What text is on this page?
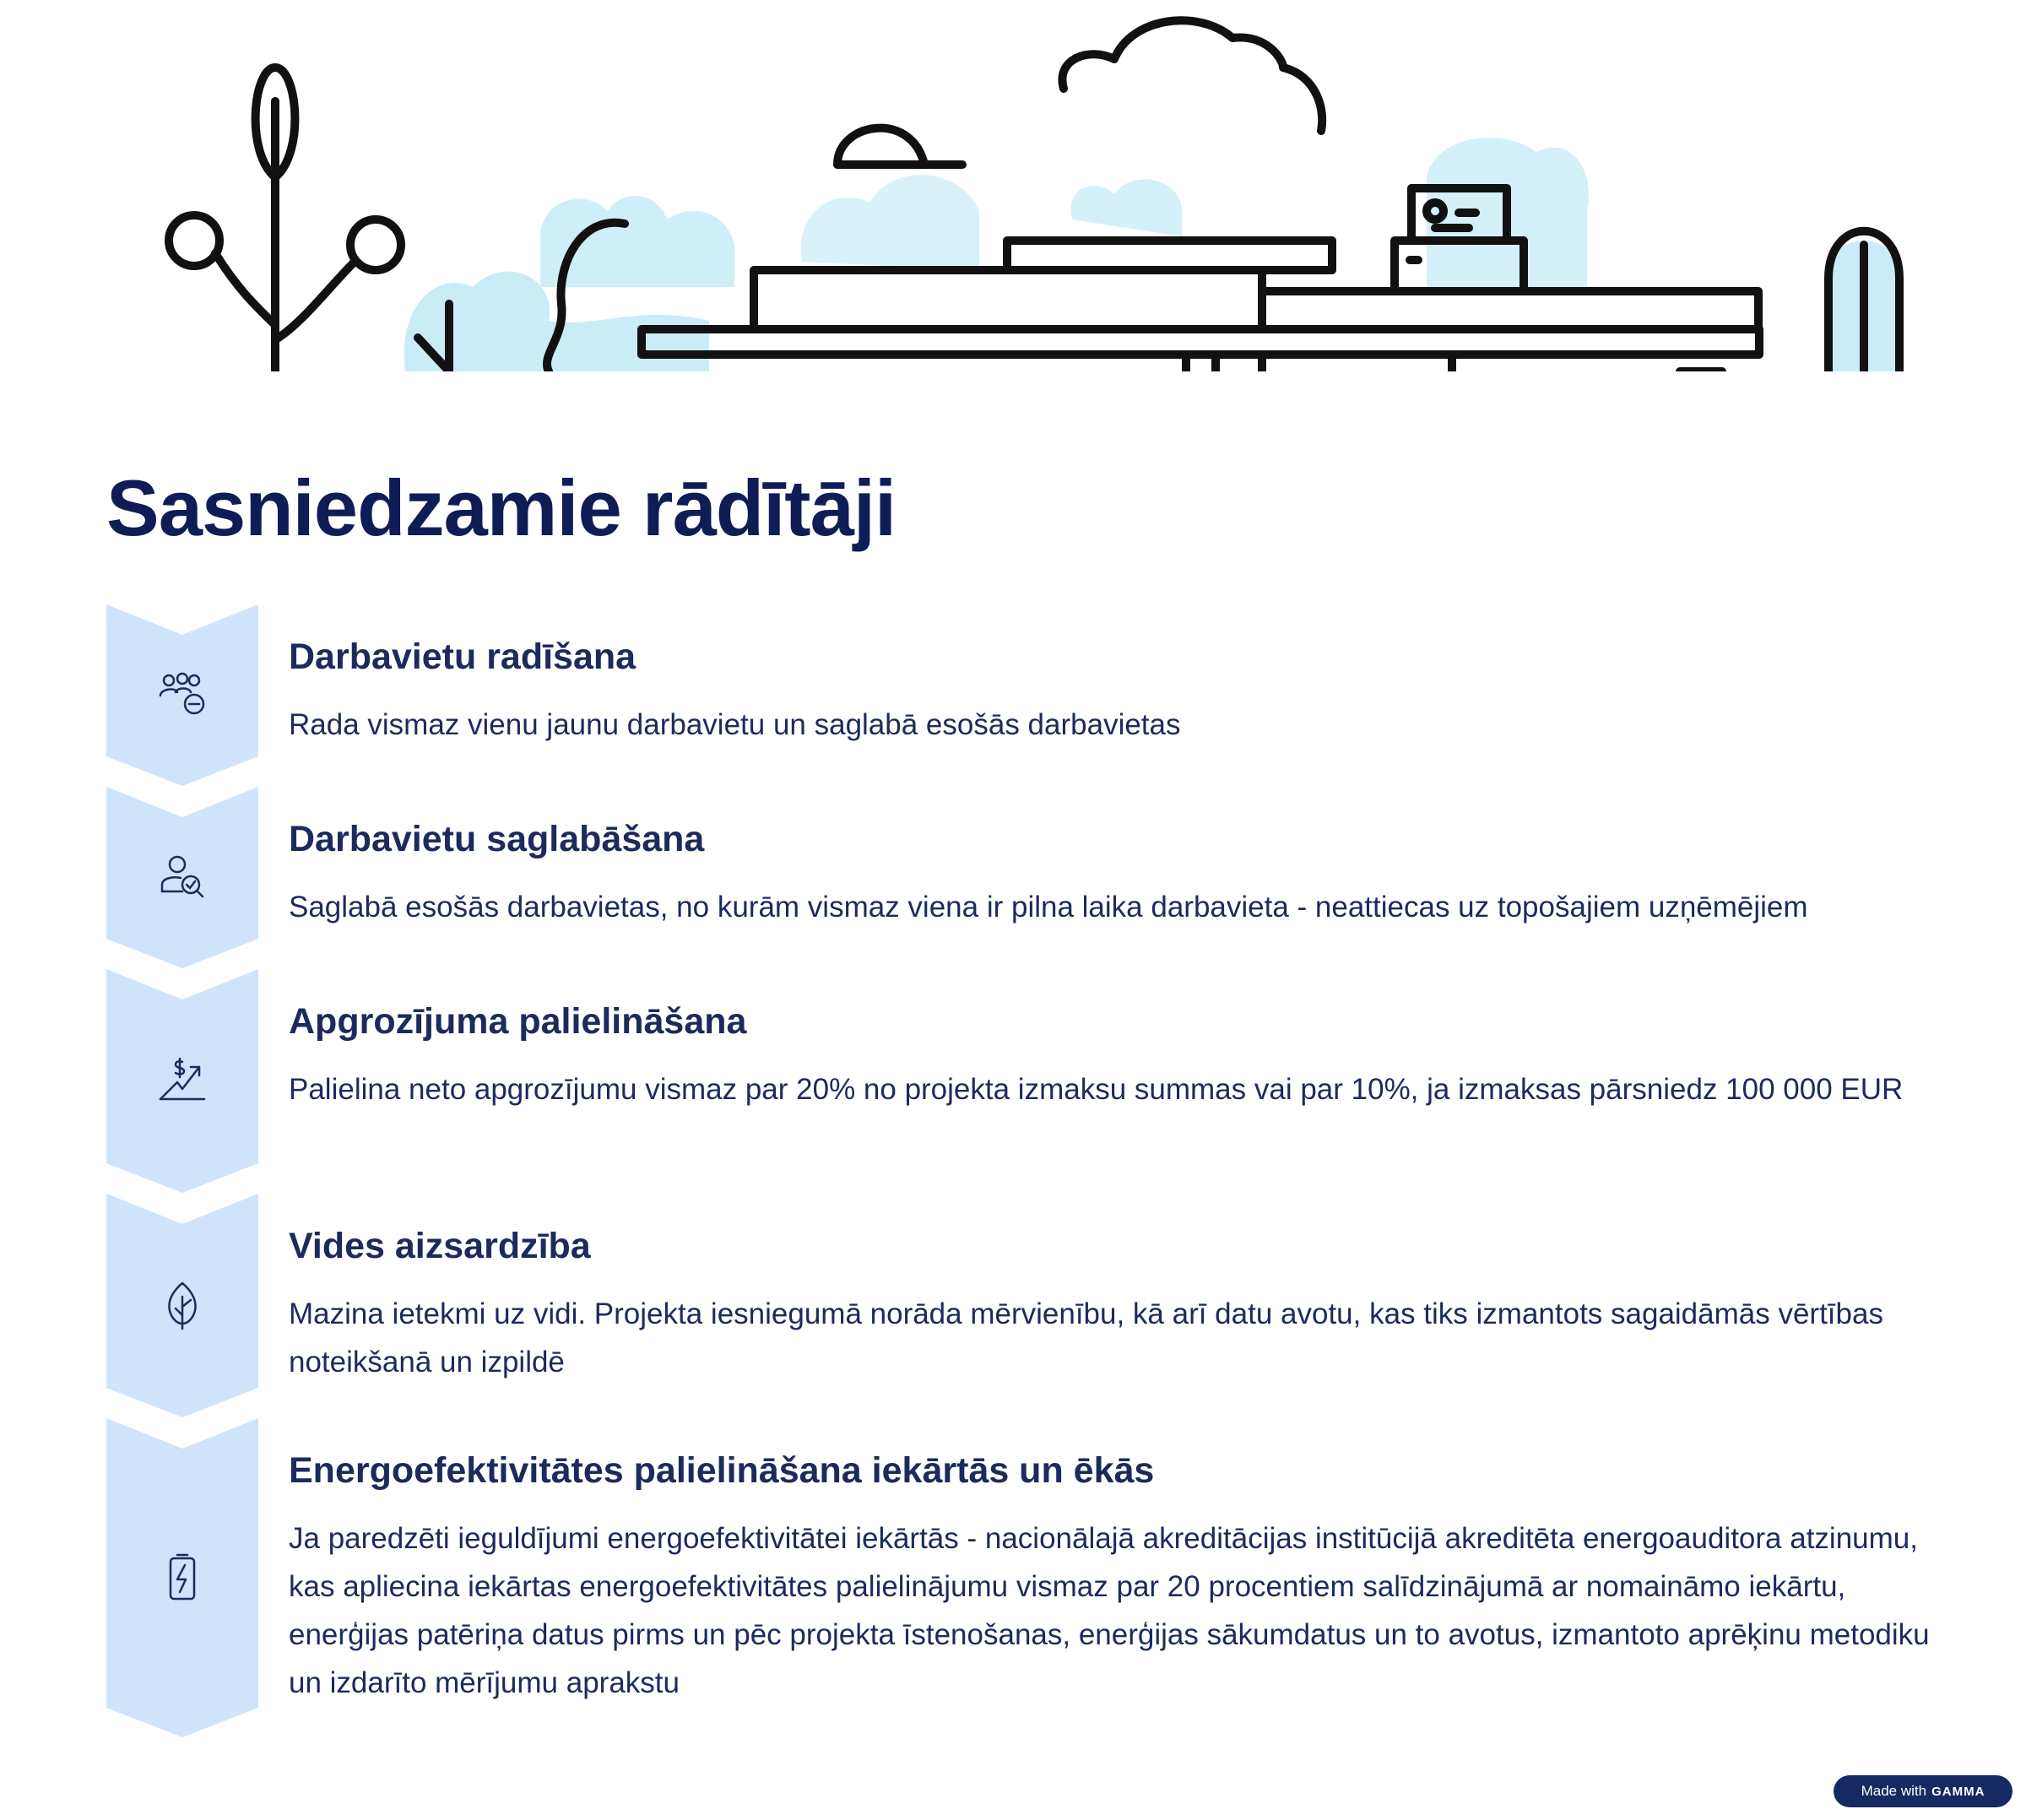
Sasniedzamie rādītāji
Darbavietu radīšana

Rada vismaz vienu jaunu darbavietu un saglabā esošās darbavietas

Darbavietu saglabāšana

Saglabā esošās darbavietas, no kurām vismaz viena ir pilna laika darbavieta - neattiecas uz topošajiem uzņēmējiem

Apgrozījuma palielināšana

Palielina neto apgrozījumu vismaz par 20% no projekta izmaksu summas vai par 10%, ja izmaksas pārsniedz 100 000 EUR

Vides aizsardzība

Mazina ietekmi uz vidi. Projekta iesniegumā norāda mērvienību, kā arī datu avotu, kas tiks izmantots sagaidāmās vērtības noteikšanā un izpildē

Energoefektivitātes palielināšana iekārtās un ēkās

Ja paredzēti ieguldījumi energoefektivitātei iekārtās - nacionālajā akreditācijas institūcijā akreditēta energoauditora atzinumu, kas apliecina iekārtas energoefektivitātes palielinājumu vismaz par 20 procentiem salīdzinājumā ar nomaināmo iekārtu, enerģijas patēriņa datus pirms un pēc projekta īstenošanas, enerģijas sākumdatus un to avotus, izmantoto aprēķinu metodiku un izdarīto mērījumu aprakstu

Made with GAMMA
